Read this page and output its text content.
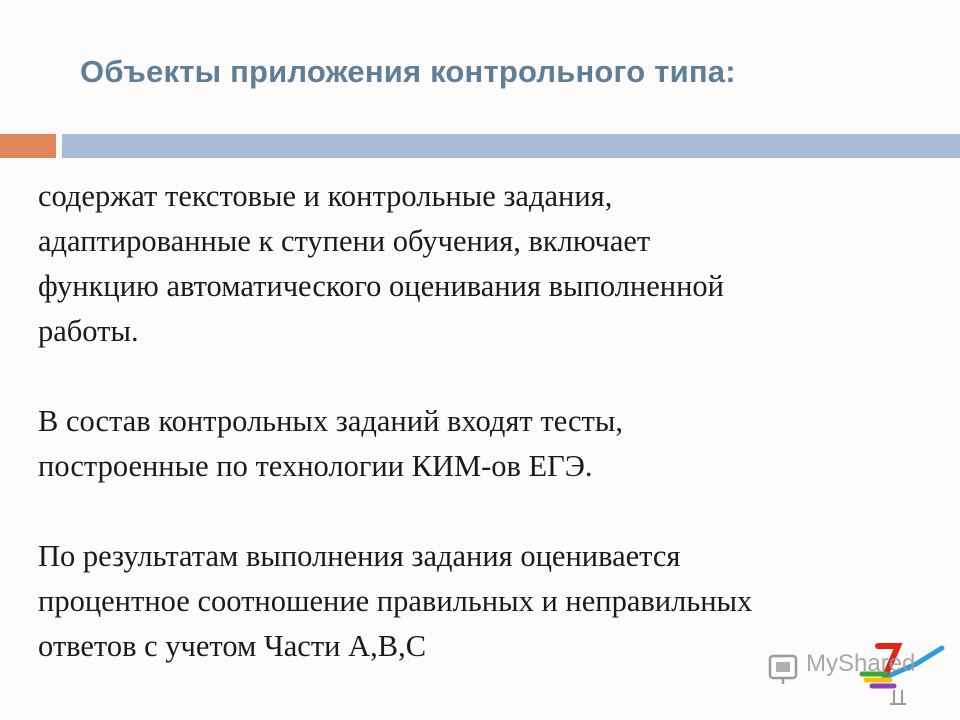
Объекты приложения контрольного типа:

содержат текстовые и контрольные задания,
адаптированные к ступени обучения, включает
функцию автоматического оценивания выполненной
работы.

В состав контрольных заданий входят тесты,
построенные по технологии КИМ-ов ЕГЭ.

По результатам выполнения задания оценивается
процентное соотношение правильных и неправильных
ответов с учетом Части А,В,С

MyShared
